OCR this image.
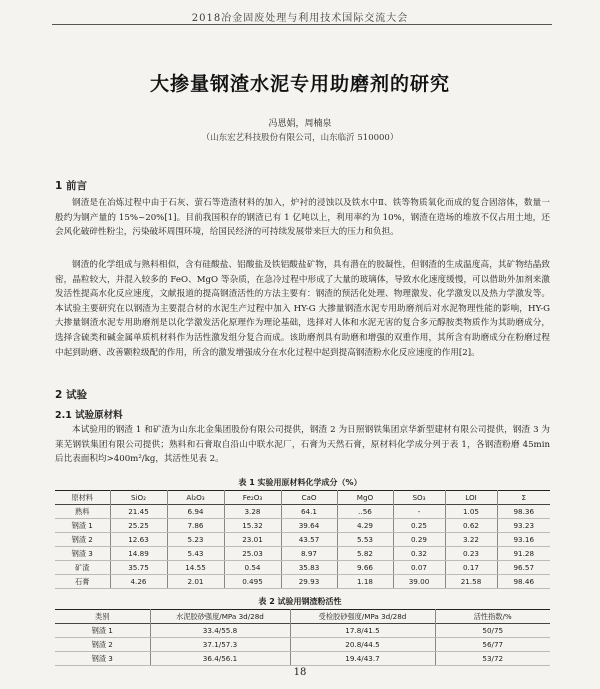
2018冶金固废处理与利用技术国际交流大会
大掺量钢渣水泥专用助磨剂的研究
冯恩娟，周楠泉
（山东宏艺科技股份有限公司，山东临沂 510000）
1 前言
钢渣是在冶炼过程中由于石灰、萤石等造渣材料的加入，炉衬的浸蚀以及铁水中Ⅱ、铁等物质氧化而成的复合固溶体，数量一般约为钢产量的 15%~20%[1]。目前我国积存的钢渣已有 1 亿吨以上，利用率约为 10%，钢渣在造场的堆放不仅占用土地，还会风化破碎性粉尘，污染破坏周围环境，给国民经济的可持续发展带来巨大的压力和负担。
钢渣的化学组成与熟料相似，含有硅酸盐、铝酸盐及铁铝酸盐矿物，具有潜在的胶凝性，但钢渣的生成温度高，其矿物结晶致密，晶粒较大，并混入较多的 FeO、MgO 等杂质，在急冷过程中形成了大量的玻璃体，导致水化速度缓慢，可以借助外加剂来激发活性提高水化反应速度，文献报道的提高钢渣活性的方法主要有：钢渣的预活化处理、物理激发、化学激发以及热力学激发等。本试验主要研究在以钢渣为主要混合材的水泥生产过程中加入 HY-G 大掺量钢渣水泥专用助磨剂后对水泥物理性能的影响，HY-G 大掺量钢渣水泥专用助磨剂是以化学激发活化原理作为理论基础，选择对人体和水泥无害的复合多元醇胺类物质作为其助磨成分，选择含硫类和碱金属单质机材料作为活性激发组分复合而成。该助磨剂具有助磨和增强的双重作用，其所含有助磨成分在粉磨过程中起到助磨、改善颗粒级配的作用，所含的激发增强成分在水化过程中起到提高钢渣粉水化反应速度的作用[2]。
2 试验
2.1 试验原材料
本试验用的钢渣 1 和矿渣为山东北金集团股份有限公司提供，钢渣 2 为日照钢铁集团京华新型建材有限公司提供，钢渣 3 为莱芜钢铁集团有限公司提供；熟料和石膏取自沿山中联水泥厂，石膏为天然石膏，原材料化学成分列于表 1，各钢渣粉磨 45min 后比表面积均>400m²/kg，其活性见表 2。
表 1 实验用原材料化学成分（%）
原材料	SiO₂	Al₂O₃	Fe₂O₃	CaO	MgO	SO₃	LOI	Σ
熟料	21.45	6.94	3.28	64.1	..56	-	1.05	98.36
钢渣 1	25.25	7.86	15.32	39.64	4.29	0.25	0.62	93.23
钢渣 2	12.63	5.23	23.01	43.57	5.53	0.29	3.22	93.16
钢渣 3	14.89	5.43	25.03	8.97	5.82	0.32	0.23	91.28
矿渣	35.75	14.55	0.54	35.83	9.66	0.07	0.17	96.57
石膏	4.26	2.01	0.495	29.93	1.18	39.00	21.58	98.46
表 2 试验用钢渣粉活性
类别	水泥胶砂强度/MPa 3d/28d	受检胶砂强度/MPa 3d/28d	活性指数/%
钢渣 1	33.4/55.8	17.8/41.5	50/75
钢渣 2	37.1/57.3	20.8/44.5	56/77
钢渣 3	36.4/56.1	19.4/43.7	53/72
18
